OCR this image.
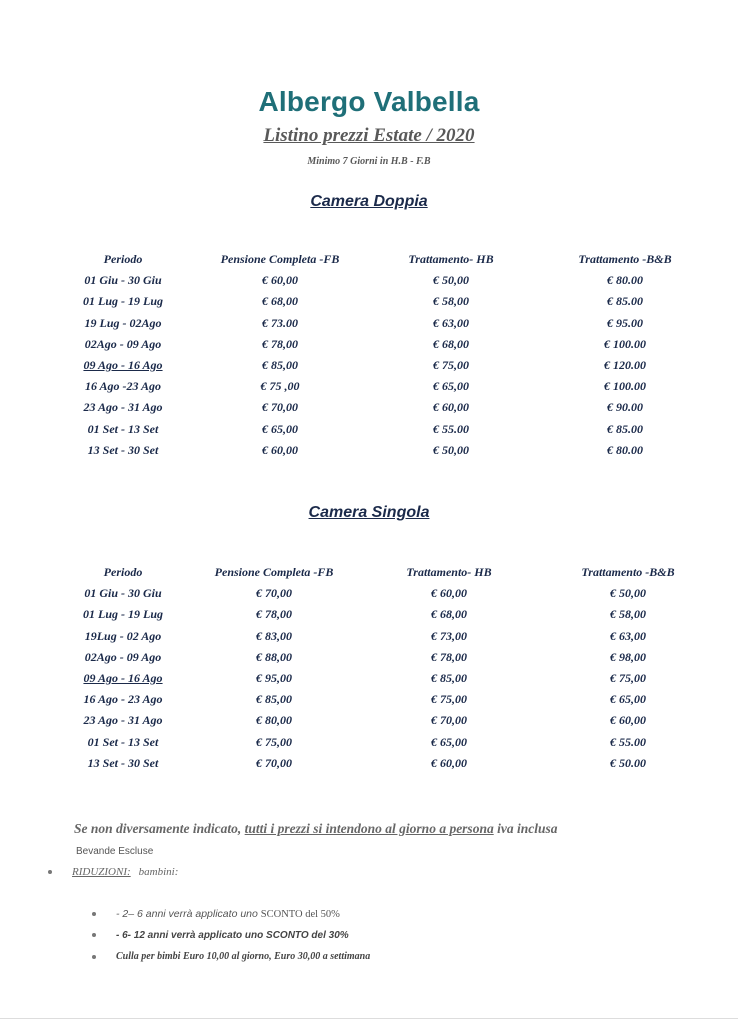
Albergo Valbella
Listino prezzi Estate / 2020
Minimo 7 Giorni in H.B - F.B
Camera Doppia
Periodo	Pensione Completa -FB	Trattamento- HB	Trattamento -B&B
01 Giu - 30 Giu	€ 60,00	€ 50,00	€ 80.00
01 Lug - 19 Lug	€ 68,00	€ 58,00	€ 85.00
19 Lug - 02Ago	€ 73.00	€ 63,00	€ 95.00
02Ago - 09 Ago	€ 78,00	€ 68,00	€ 100.00
09 Ago - 16 Ago	€ 85,00	€ 75,00	€ 120.00
16 Ago -23 Ago	€ 75 ,00	€ 65,00	€ 100.00
23 Ago - 31 Ago	€ 70,00	€ 60,00	€ 90.00
01 Set - 13 Set	€ 65,00	€ 55.00	€ 85.00
13 Set - 30 Set	€ 60,00	€ 50,00	€ 80.00
Camera Singola
Periodo	Pensione Completa -FB	Trattamento- HB	Trattamento -B&B
01 Giu - 30 Giu	€ 70,00	€ 60,00	€ 50,00
01 Lug - 19 Lug	€ 78,00	€ 68,00	€ 58,00
19Lug - 02 Ago	€ 83,00	€ 73,00	€ 63,00
02Ago - 09 Ago	€ 88,00	€ 78,00	€ 98,00
09 Ago - 16 Ago	€ 95,00	€ 85,00	€ 75,00
16 Ago - 23 Ago	€ 85,00	€ 75,00	€ 65,00
23 Ago - 31 Ago	€ 80,00	€ 70,00	€ 60,00
01 Set - 13 Set	€ 75,00	€ 65,00	€ 55.00
13 Set - 30 Set	€ 70,00	€ 60,00	€ 50.00
Se non diversamente indicato, tutti i prezzi si intendono al giorno a persona iva inclusa
Bevande Escluse
RIDUZIONI: bambini:
- 2– 6 anni verrà applicato uno SCONTO del 50%
- 6- 12 anni verrà applicato uno SCONTO del 30%
Culla per bimbi Euro 10,00 al giorno, Euro 30,00 a settimana
